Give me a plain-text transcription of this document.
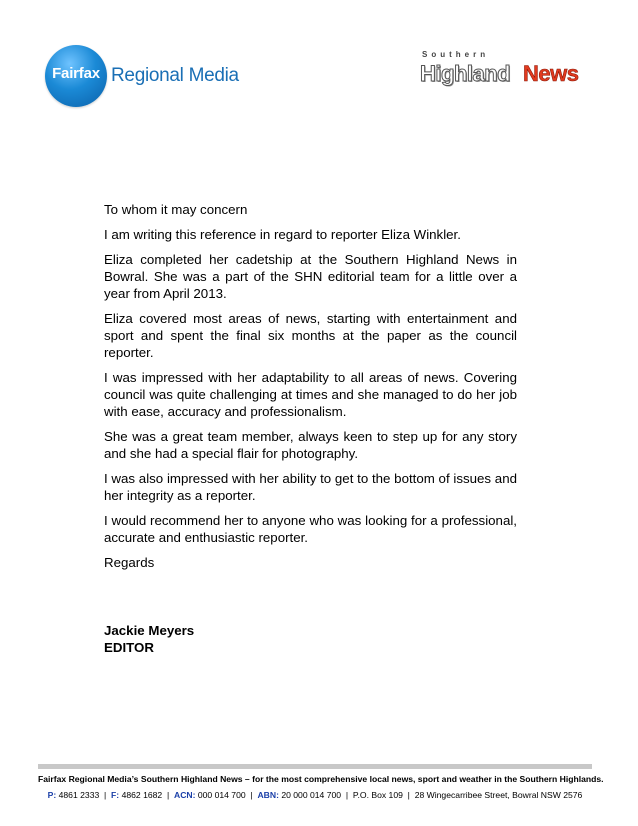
Fairfax Regional Media
Southern
Highland News

To whom it may concern

I am writing this reference in regard to reporter Eliza Winkler.

Eliza completed her cadetship at the Southern Highland News in Bowral. She was a part of the SHN editorial team for a little over a year from April 2013.

Eliza covered most areas of news, starting with entertainment and sport and spent the final six months at the paper as the council reporter.

I was impressed with her adaptability to all areas of news. Covering council was quite challenging at times and she managed to do her job with ease, accuracy and professionalism.

She was a great team member, always keen to step up for any story and she had a special flair for photography.

I was also impressed with her ability to get to the bottom of issues and her integrity as a reporter.

I would recommend her to anyone who was looking for a professional, accurate and enthusiastic reporter.

Regards

Jackie Meyers
EDITOR
Fairfax Regional Media’s Southern Highland News – for the most comprehensive local news, sport and weather in the Southern Highlands.
P: 4861 2333  |  F: 4862 1682  |  ACN: 000 014 700  |  ABN: 20 000 014 700  |  P.O. Box 109  |  28 Wingecarribee Street, Bowral NSW 2576
